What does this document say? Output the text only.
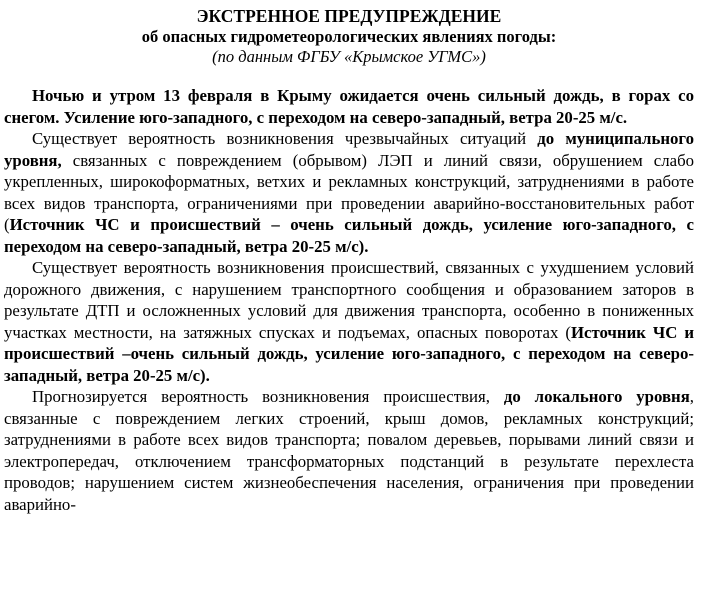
ЭКСТРЕННОЕ ПРЕДУПРЕЖДЕНИЕ

об опасных гидрометеорологических явлениях погоды:

(по данным ФГБУ «Крымское УГМС»)

Ночью и утром 13 февраля в Крыму ожидается очень сильный дождь, в горах со снегом. Усиление юго-западного, с переходом на северо-западный, ветра 20-25 м/с.

Существует вероятность возникновения чрезвычайных ситуаций до муниципального уровня, связанных с повреждением (обрывом) ЛЭП и линий связи, обрушением слабо укрепленных, широкоформатных, ветхих и рекламных конструкций, затруднениями в работе всех видов транспорта, ограничениями при проведении аварийно-восстановительных работ (Источник ЧС и происшествий – очень сильный дождь, усиление юго-западного, с переходом на северо-западный, ветра 20-25 м/с).

Существует вероятность возникновения происшествий, связанных с ухудшением условий дорожного движения, с нарушением транспортного сообщения и образованием заторов в результате ДТП и осложненных условий для движения транспорта, особенно в пониженных участках местности, на затяжных спусках и подъемах, опасных поворотах (Источник ЧС и происшествий –очень сильный дождь, усиление юго-западного, с переходом на северо-западный, ветра 20-25 м/с).

Прогнозируется вероятность возникновения происшествия, до локального уровня, связанные с повреждением легких строений, крыш домов, рекламных конструкций; затруднениями в работе всех видов транспорта; повалом деревьев, порывами линий связи и электропередач, отключением трансформаторных подстанций в результате перехлеста проводов; нарушением систем жизнеобеспечения населения, ограничения при проведении аварийно-
